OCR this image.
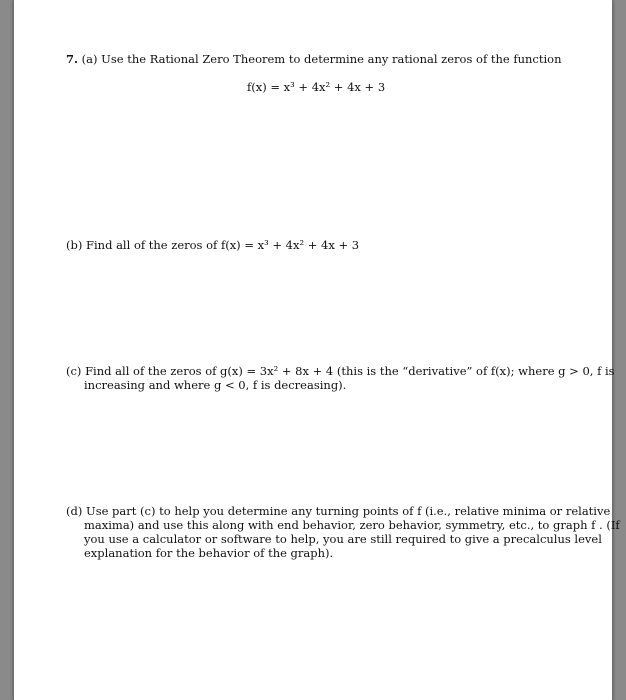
7. (a) Use the Rational Zero Theorem to determine any rational zeros of the function
f(x) = x³ + 4x² + 4x + 3
(b) Find all of the zeros of f(x) = x³ + 4x² + 4x + 3
(c) Find all of the zeros of g(x) = 3x² + 8x + 4 (this is the “derivative” of f(x); where g > 0, f is
increasing and where g < 0, f is decreasing).
(d) Use part (c) to help you determine any turning points of f (i.e., relative minima or relative
maxima) and use this along with end behavior, zero behavior, symmetry, etc., to graph f . (If
you use a calculator or software to help, you are still required to give a precalculus level
explanation for the behavior of the graph).
